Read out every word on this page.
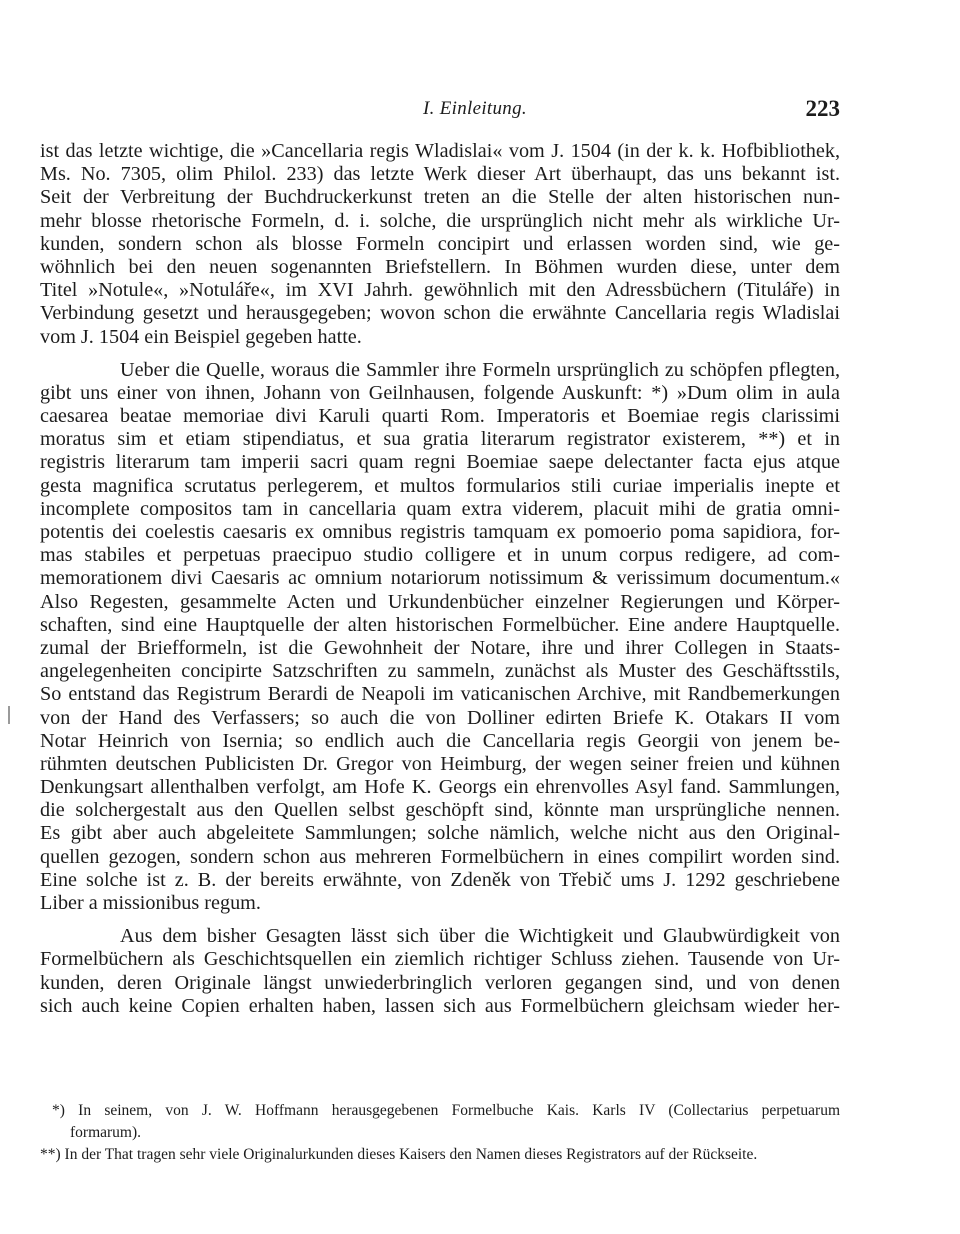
I. Einleitung.	223
ist das letzte wichtige, die »Cancellaria regis Wladislai« vom J. 1504 (in der k. k. Hofbibliothek,
Ms. No. 7305, olim Philol. 233) das letzte Werk dieser Art überhaupt, das uns bekannt ist.
Seit der Verbreitung der Buchdruckerkunst treten an die Stelle der alten historischen nun-
mehr blosse rhetorische Formeln, d. i. solche, die ursprünglich nicht mehr als wirkliche Ur-
kunden, sondern schon als blosse Formeln concipirt und erlassen worden sind, wie ge-
wöhnlich bei den neuen sogenannten Briefstellern. In Böhmen wurden diese, unter dem
Titel »Notule«, »Notuláře«, im XVI Jahrh. gewöhnlich mit den Adressbüchern (Tituláře) in
Verbindung gesetzt und herausgegeben; wovon schon die erwähnte Cancellaria regis Wladislai
vom J. 1504 ein Beispiel gegeben hatte.
Ueber die Quelle, woraus die Sammler ihre Formeln ursprünglich zu schöpfen pflegten,
gibt uns einer von ihnen, Johann von Geilnhausen, folgende Auskunft: *) »Dum olim in aula
caesarea beatae memoriae divi Karuli quarti Rom. Imperatoris et Boemiae regis clarissimi
moratus sim et etiam stipendiatus, et sua gratia literarum registrator existerem, **) et in
registris literarum tam imperii sacri quam regni Boemiae saepe delectanter facta ejus atque
gesta magnifica scrutatus perlegerem, et multos formularios stili curiae imperialis inepte et
incomplete compositos tam in cancellaria quam extra viderem, placuit mihi de gratia omni-
potentis dei coelestis caesaris ex omnibus registris tamquam ex pomoerio poma sapidiora, for-
mas stabiles et perpetuas praecipuo studio colligere et in unum corpus redigere, ad com-
memorationem divi Caesaris ac omnium notariorum notissimum & verissimum documentum.«
Also Regesten, gesammelte Acten und Urkundenbücher einzelner Regierungen und Körper-
schaften, sind eine Hauptquelle der alten historischen Formelbücher. Eine andere Hauptquelle.
zumal der Briefformeln, ist die Gewohnheit der Notare, ihre und ihrer Collegen in Staats-
angelegenheiten concipirte Satzschriften zu sammeln, zunächst als Muster des Geschäftsstils,
So entstand das Registrum Berardi de Neapoli im vaticanischen Archive, mit Randbemerkungen
von der Hand des Verfassers; so auch die von Dolliner edirten Briefe K. Otakars II vom
Notar Heinrich von Isernia; so endlich auch die Cancellaria regis Georgii von jenem be-
rühmten deutschen Publicisten Dr. Gregor von Heimburg, der wegen seiner freien und kühnen
Denkungsart allenthalben verfolgt, am Hofe K. Georgs ein ehrenvolles Asyl fand. Sammlungen,
die solchergestalt aus den Quellen selbst geschöpft sind, könnte man ursprüngliche nennen.
Es gibt aber auch abgeleitete Sammlungen; solche nämlich, welche nicht aus den Original-
quellen gezogen, sondern schon aus mehreren Formelbüchern in eines compilirt worden sind.
Eine solche ist z. B. der bereits erwähnte, von Zdeněk von Třebič ums J. 1292 geschriebene
Liber a missionibus regum.
Aus dem bisher Gesagten lässt sich über die Wichtigkeit und Glaubwürdigkeit von
Formelbüchern als Geschichtsquellen ein ziemlich richtiger Schluss ziehen. Tausende von Ur-
kunden, deren Originale längst unwiederbringlich verloren gegangen sind, und von denen
sich auch keine Copien erhalten haben, lassen sich aus Formelbüchern gleichsam wieder her-
*) In seinem, von J. W. Hoffmann herausgegebenen Formelbuche Kais. Karls IV (Collectarius perpetuarum
formarum).
**) In der That tragen sehr viele Originalurkunden dieses Kaisers den Namen dieses Registrators auf der Rückseite.
